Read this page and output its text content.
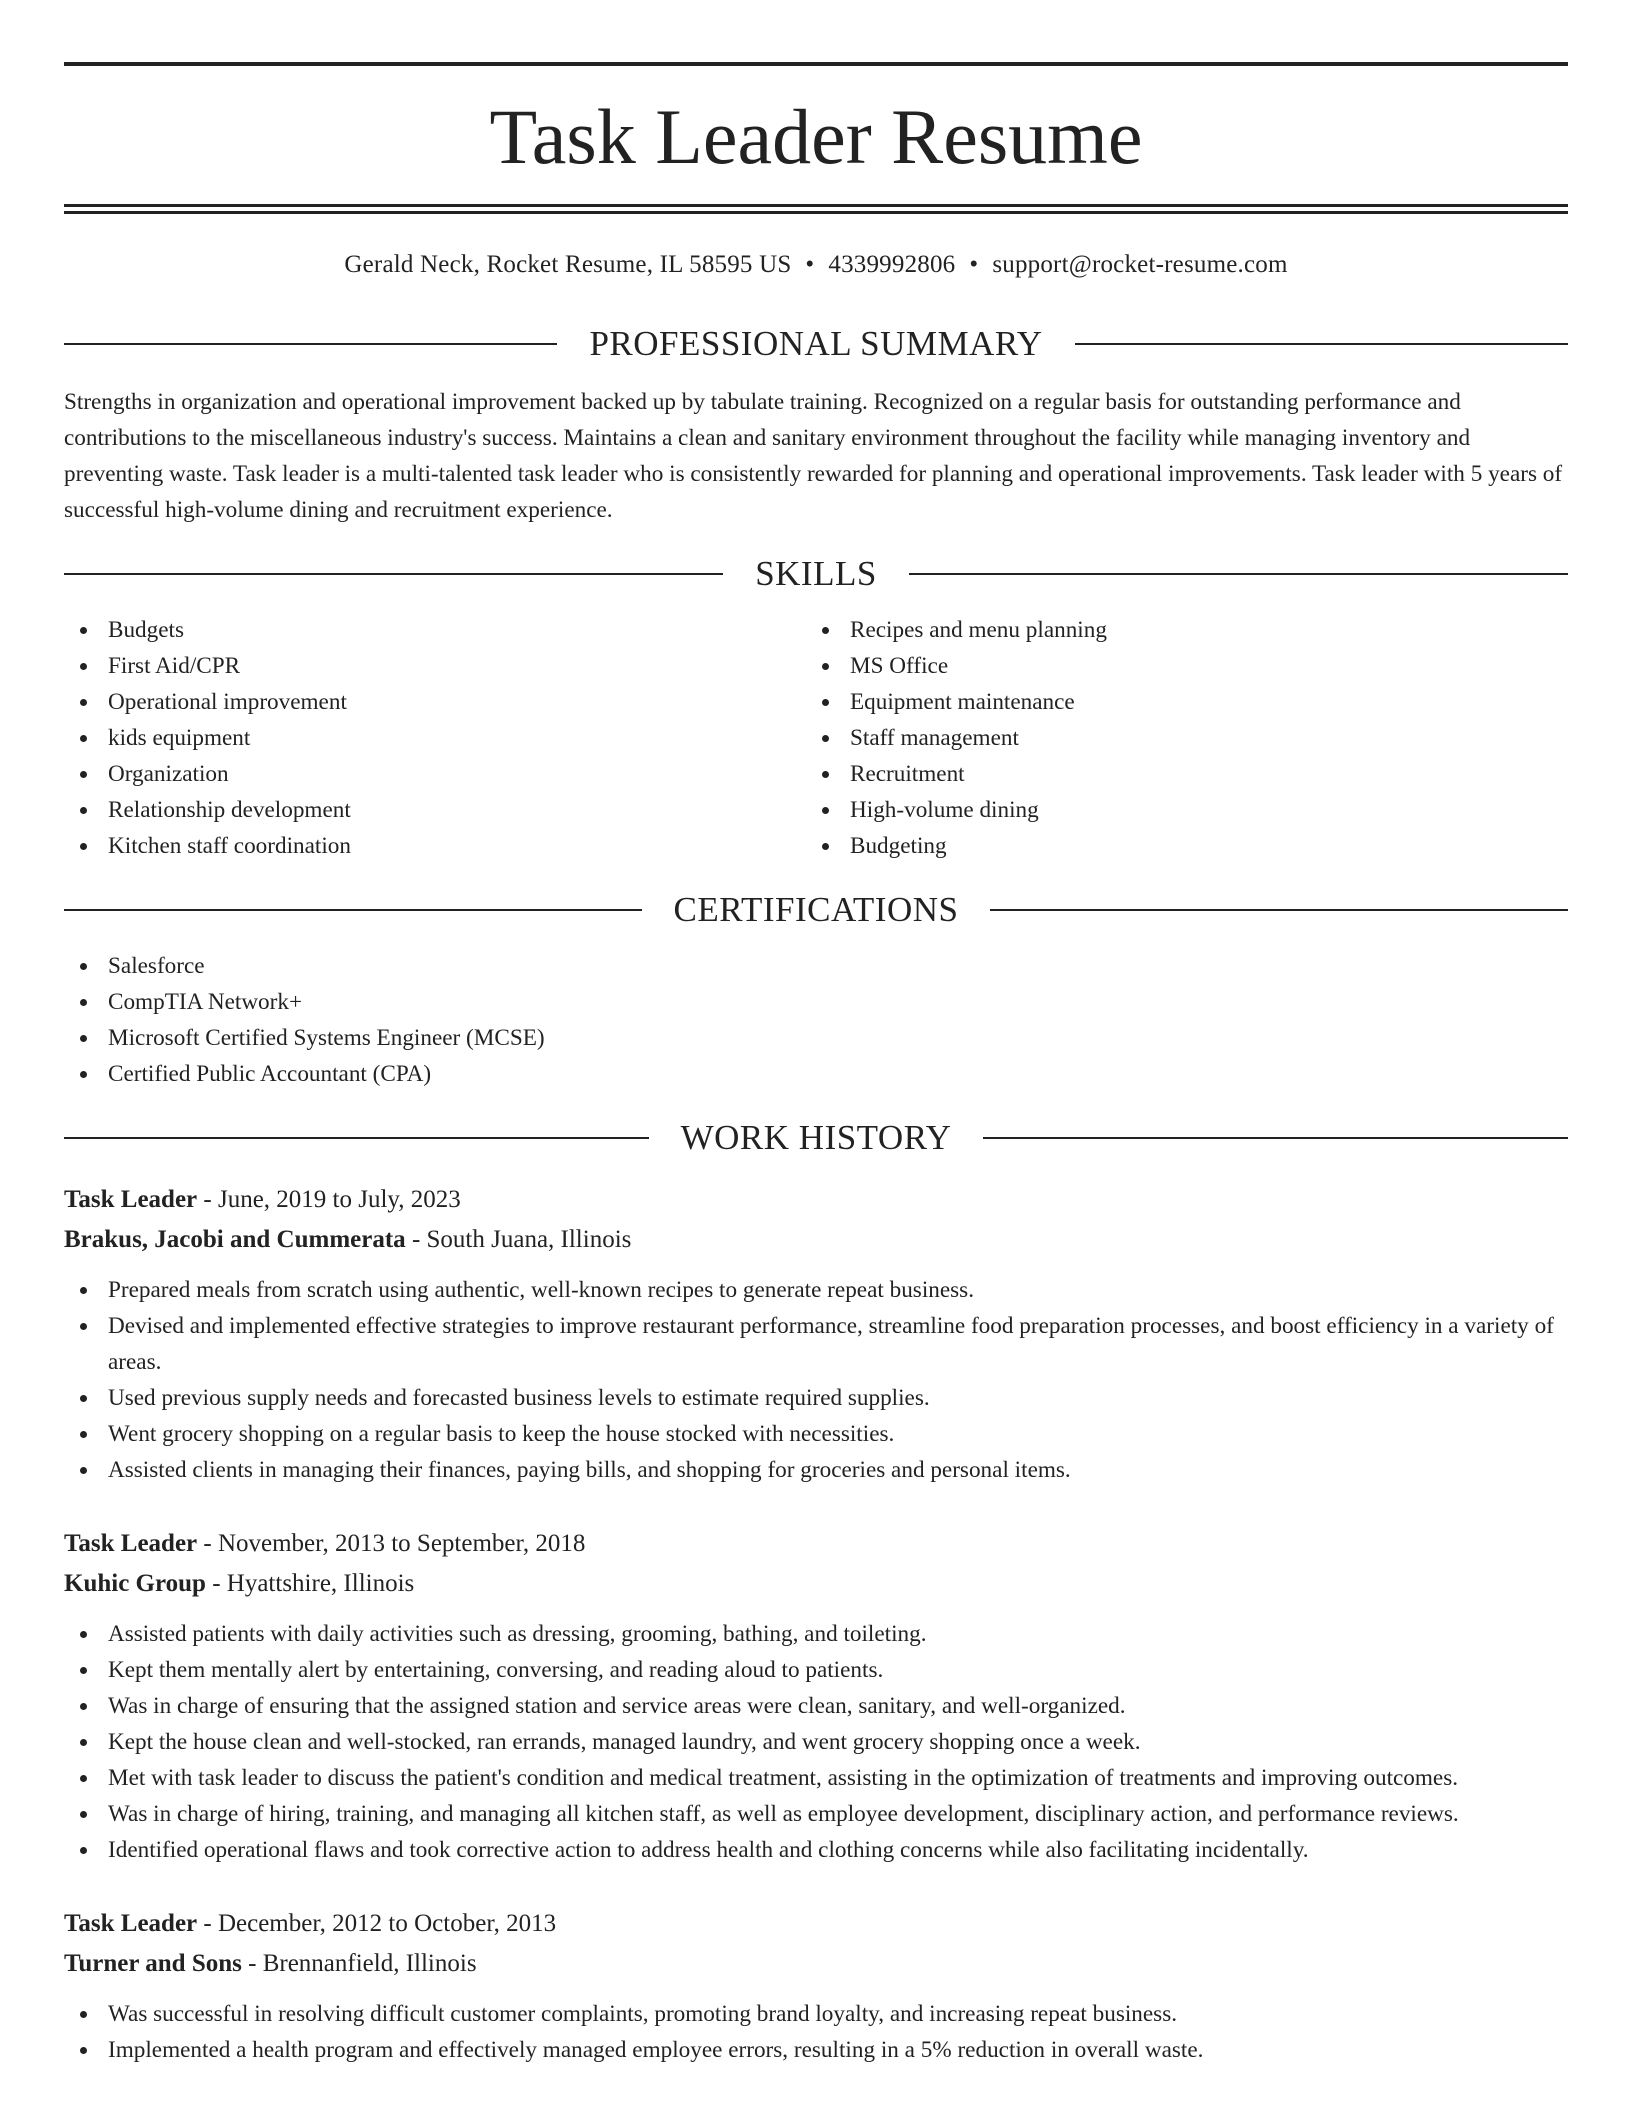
Task Leader Resume
Gerald Neck, Rocket Resume, IL 58595 US • 4339992806 • support@rocket-resume.com
PROFESSIONAL SUMMARY

Strengths in organization and operational improvement backed up by tabulate training. Recognized on a regular basis for outstanding performance and contributions to the miscellaneous industry's success. Maintains a clean and sanitary environment throughout the facility while managing inventory and preventing waste. Task leader is a multi-talented task leader who is consistently rewarded for planning and operational improvements. Task leader with 5 years of successful high-volume dining and recruitment experience.

SKILLS
Budgets
First Aid/CPR
Operational improvement
kids equipment
Organization
Relationship development
Kitchen staff coordination
Recipes and menu planning
MS Office
Equipment maintenance
Staff management
Recruitment
High-volume dining
Budgeting
CERTIFICATIONS
Salesforce
CompTIA Network+
Microsoft Certified Systems Engineer (MCSE)
Certified Public Accountant (CPA)
WORK HISTORY
Task Leader - June, 2019 to July, 2023
Brakus, Jacobi and Cummerata - South Juana, Illinois
Prepared meals from scratch using authentic, well-known recipes to generate repeat business.
Devised and implemented effective strategies to improve restaurant performance, streamline food preparation processes, and boost efficiency in a variety of areas.
Used previous supply needs and forecasted business levels to estimate required supplies.
Went grocery shopping on a regular basis to keep the house stocked with necessities.
Assisted clients in managing their finances, paying bills, and shopping for groceries and personal items.
Task Leader - November, 2013 to September, 2018
Kuhic Group - Hyattshire, Illinois
Assisted patients with daily activities such as dressing, grooming, bathing, and toileting.
Kept them mentally alert by entertaining, conversing, and reading aloud to patients.
Was in charge of ensuring that the assigned station and service areas were clean, sanitary, and well-organized.
Kept the house clean and well-stocked, ran errands, managed laundry, and went grocery shopping once a week.
Met with task leader to discuss the patient's condition and medical treatment, assisting in the optimization of treatments and improving outcomes.
Was in charge of hiring, training, and managing all kitchen staff, as well as employee development, disciplinary action, and performance reviews.
Identified operational flaws and took corrective action to address health and clothing concerns while also facilitating incidentally.
Task Leader - December, 2012 to October, 2013
Turner and Sons - Brennanfield, Illinois
Was successful in resolving difficult customer complaints, promoting brand loyalty, and increasing repeat business.
Implemented a health program and effectively managed employee errors, resulting in a 5% reduction in overall waste.
